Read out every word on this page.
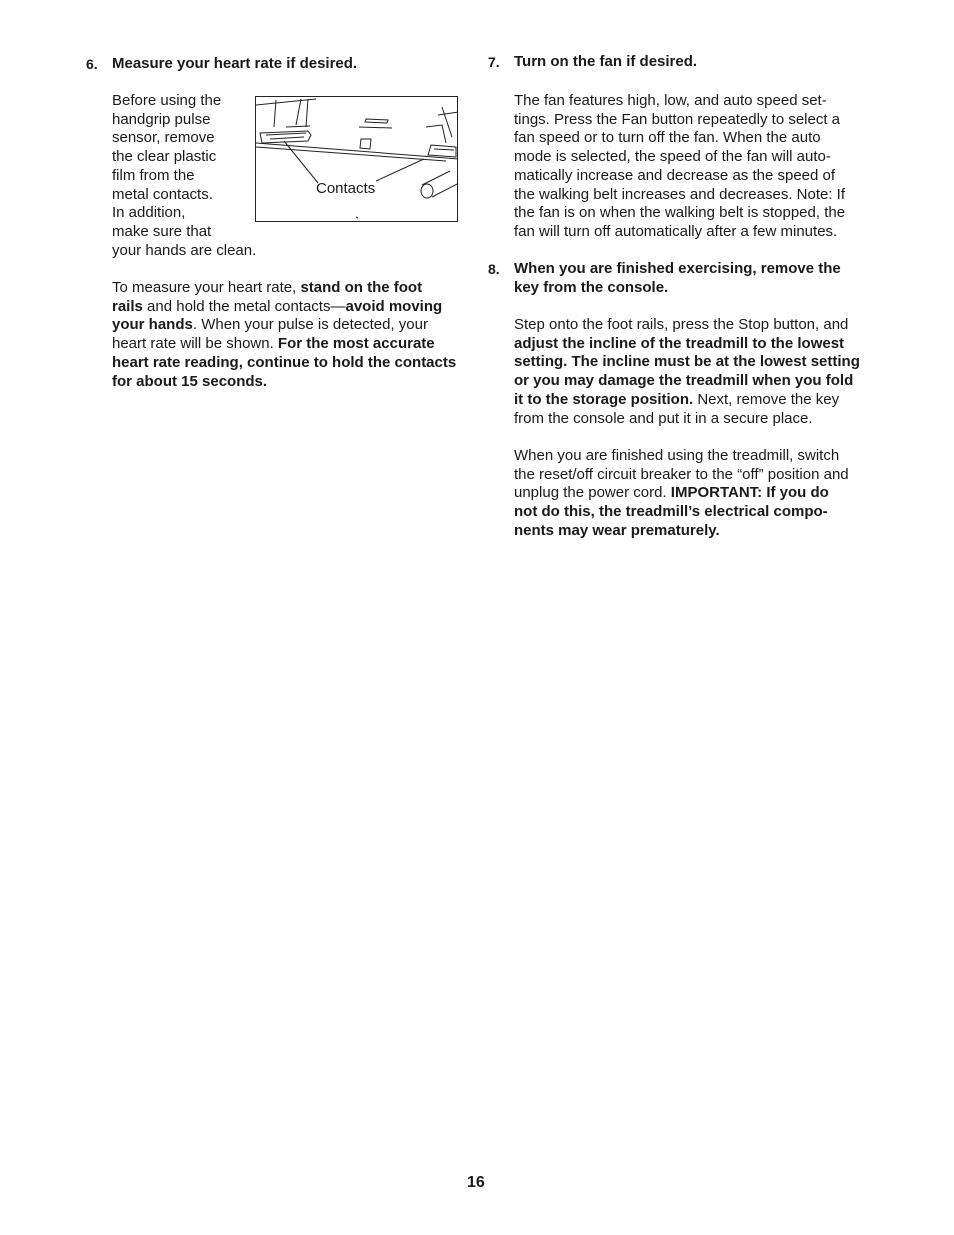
6. Measure your heart rate if desired.
Before using the
handgrip pulse
sensor, remove
the clear plastic
film from the
metal contacts.
In addition,
make sure that
your hands are clean.
Contacts
To measure your heart rate, stand on the foot
rails and hold the metal contacts—avoid moving
your hands. When your pulse is detected, your
heart rate will be shown. For the most accurate
heart rate reading, continue to hold the contacts
for about 15 seconds.
7. Turn on the fan if desired.
The fan features high, low, and auto speed set-
tings. Press the Fan button repeatedly to select a
fan speed or to turn off the fan. When the auto
mode is selected, the speed of the fan will auto-
matically increase and decrease as the speed of
the walking belt increases and decreases. Note: If
the fan is on when the walking belt is stopped, the
fan will turn off automatically after a few minutes.
8. When you are finished exercising, remove the
key from the console.
Step onto the foot rails, press the Stop button, and
adjust the incline of the treadmill to the lowest
setting. The incline must be at the lowest setting
or you may damage the treadmill when you fold
it to the storage position. Next, remove the key
from the console and put it in a secure place.
When you are finished using the treadmill, switch
the reset/off circuit breaker to the “off” position and
unplug the power cord. IMPORTANT: If you do
not do this, the treadmill’s electrical compo-
nents may wear prematurely.
16
